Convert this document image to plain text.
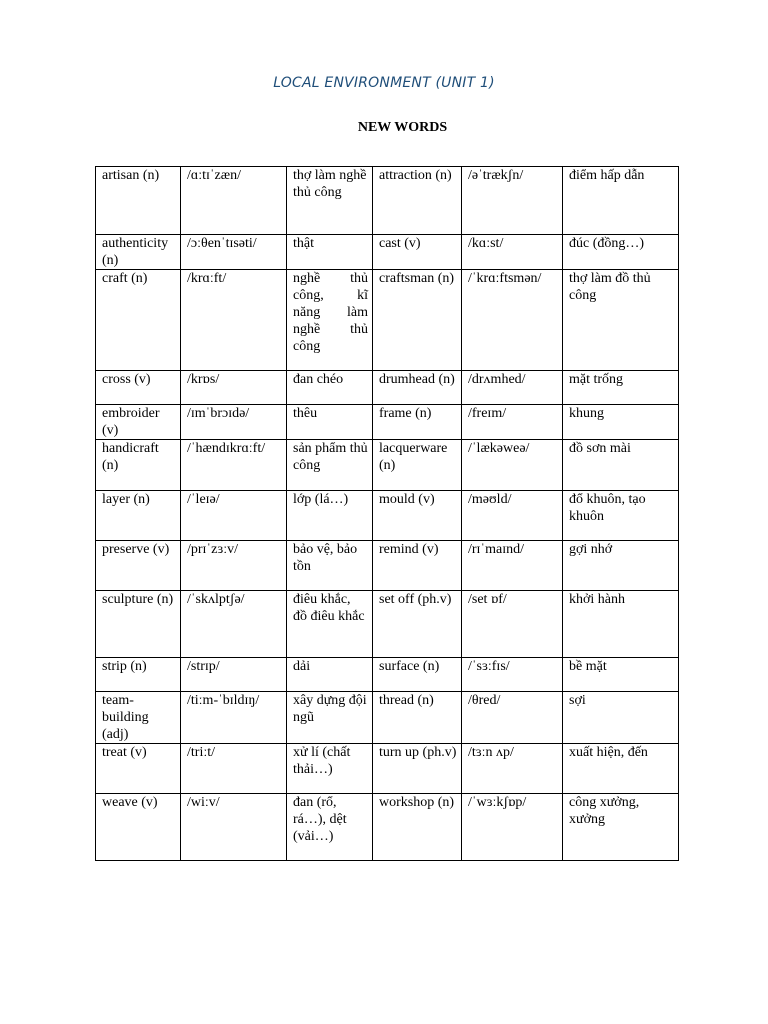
LOCAL ENVIRONMENT (UNIT 1)
NEW WORDS
artisan (n)	/ɑːtɪˈzæn/	thợ làm nghề thủ công	attraction (n)	/əˈtrækʃn/	điểm hấp dẫn
authenticity (n)	/ɔːθenˈtɪsəti/	thật	cast (v)	/kɑːst/	đúc (đồng…)
craft (n)	/krɑːft/	nghề thủ công, kĩ năng làm nghề thủ công	craftsman (n)	/ˈkrɑːftsmən/	thợ làm đồ thủ công
cross (v)	/krɒs/	đan chéo	drumhead (n)	/drʌmhed/	mặt trống
embroider (v)	/ɪmˈbrɔɪdə/	thêu	frame (n)	/freɪm/	khung
handicraft (n)	/ˈhændɪkrɑːft/	sản phẩm thủ công	lacquerware (n)	/ˈlækəweə/	đồ sơn mài
layer (n)	/ˈleɪə/	lớp (lá…)	mould (v)	/məʊld/	đổ khuôn, tạo khuôn
preserve (v)	/prɪˈzɜːv/	bảo vệ, bảo tồn	remind (v)	/rɪˈmaɪnd/	gợi nhớ
sculpture (n)	/ˈskʌlptʃə/	điêu khắc, đồ điêu khắc	set off (ph.v)	/set ɒf/	khởi hành
strip (n)	/strɪp/	dải	surface (n)	/ˈsɜːfɪs/	bề mặt
team-building (adj)	/tiːm-ˈbɪldɪŋ/	xây dựng đội ngũ	thread (n)	/θred/	sợi
treat (v)	/triːt/	xử lí (chất thải…)	turn up (ph.v)	/tɜːn ʌp/	xuất hiện, đến
weave (v)	/wiːv/	đan (rổ, rá…), dệt (vải…)	workshop (n)	/ˈwɜːkʃɒp/	công xưởng, xưởng
